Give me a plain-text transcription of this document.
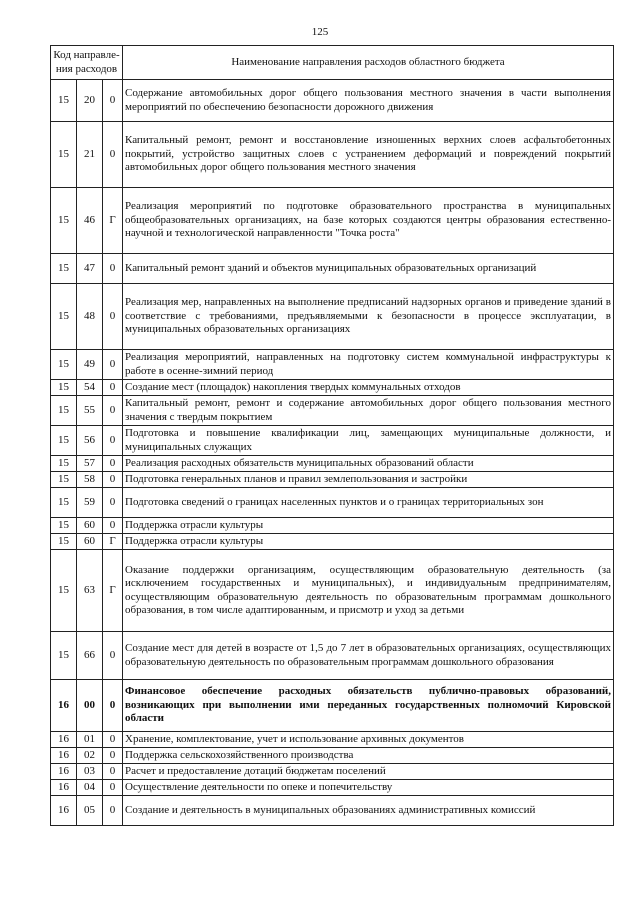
125
Код направле-ния расходов			Наименование направления расходов областного бюджета
15	20	0	Содержание автомобильных дорог общего пользования местного значения в части выполнения мероприятий по обеспечению безопасности дорожного движения
15	21	0	Капитальный ремонт, ремонт и восстановление изношенных верхних слоев асфальтобетонных покрытий, устройство защитных слоев с устранением деформаций и повреждений покрытий автомобильных дорог общего пользования местного значения
15	46	Г	Реализация мероприятий по подготовке образовательного пространства в муниципальных общеобразовательных организациях, на базе которых создаются центры образования естественно-научной и технологической направленности "Точка роста"
15	47	0	Капитальный ремонт зданий и объектов муниципальных образовательных организаций
15	48	0	Реализация мер, направленных на выполнение предписаний надзорных органов и приведение зданий в соответствие с требованиями, предъявляемыми к безопасности в процессе эксплуатации, в муниципальных образовательных организациях
15	49	0	Реализация мероприятий, направленных на подготовку систем коммунальной инфраструктуры к работе в осенне-зимний период
15	54	0	Создание мест (площадок) накопления твердых коммунальных отходов
15	55	0	Капитальный ремонт, ремонт и содержание автомобильных дорог общего пользования местного значения с твердым покрытием
15	56	0	Подготовка и повышение квалификации лиц, замещающих муниципальные должности, и муниципальных служащих
15	57	0	Реализация расходных обязательств муниципальных образований области
15	58	0	Подготовка генеральных планов и правил землепользования и застройки
15	59	0	Подготовка сведений о границах населенных пунктов и о границах территориальных зон
15	60	0	Поддержка отрасли культуры
15	60	Г	Поддержка отрасли культуры
15	63	Г	Оказание поддержки организациям, осуществляющим образовательную деятельность (за исключением государственных и муниципальных), и индивидуальным предпринимателям, осуществляющим образовательную деятельность по образовательным программам дошкольного образования, в том числе адаптированным, и присмотр и уход за детьми
15	66	0	Создание мест для детей в возрасте от 1,5 до 7 лет в образовательных организациях, осуществляющих образовательную деятельность по образовательным программам дошкольного образования
16	00	0	Финансовое обеспечение расходных обязательств публично-правовых образований, возникающих при выполнении ими переданных государственных полномочий Кировской области
16	01	0	Хранение, комплектование, учет и использование архивных документов
16	02	0	Поддержка сельскохозяйственного производства
16	03	0	Расчет и предоставление дотаций бюджетам поселений
16	04	0	Осуществление деятельности по опеке и попечительству
16	05	0	Создание и деятельность в муниципальных образованиях административных комиссий
